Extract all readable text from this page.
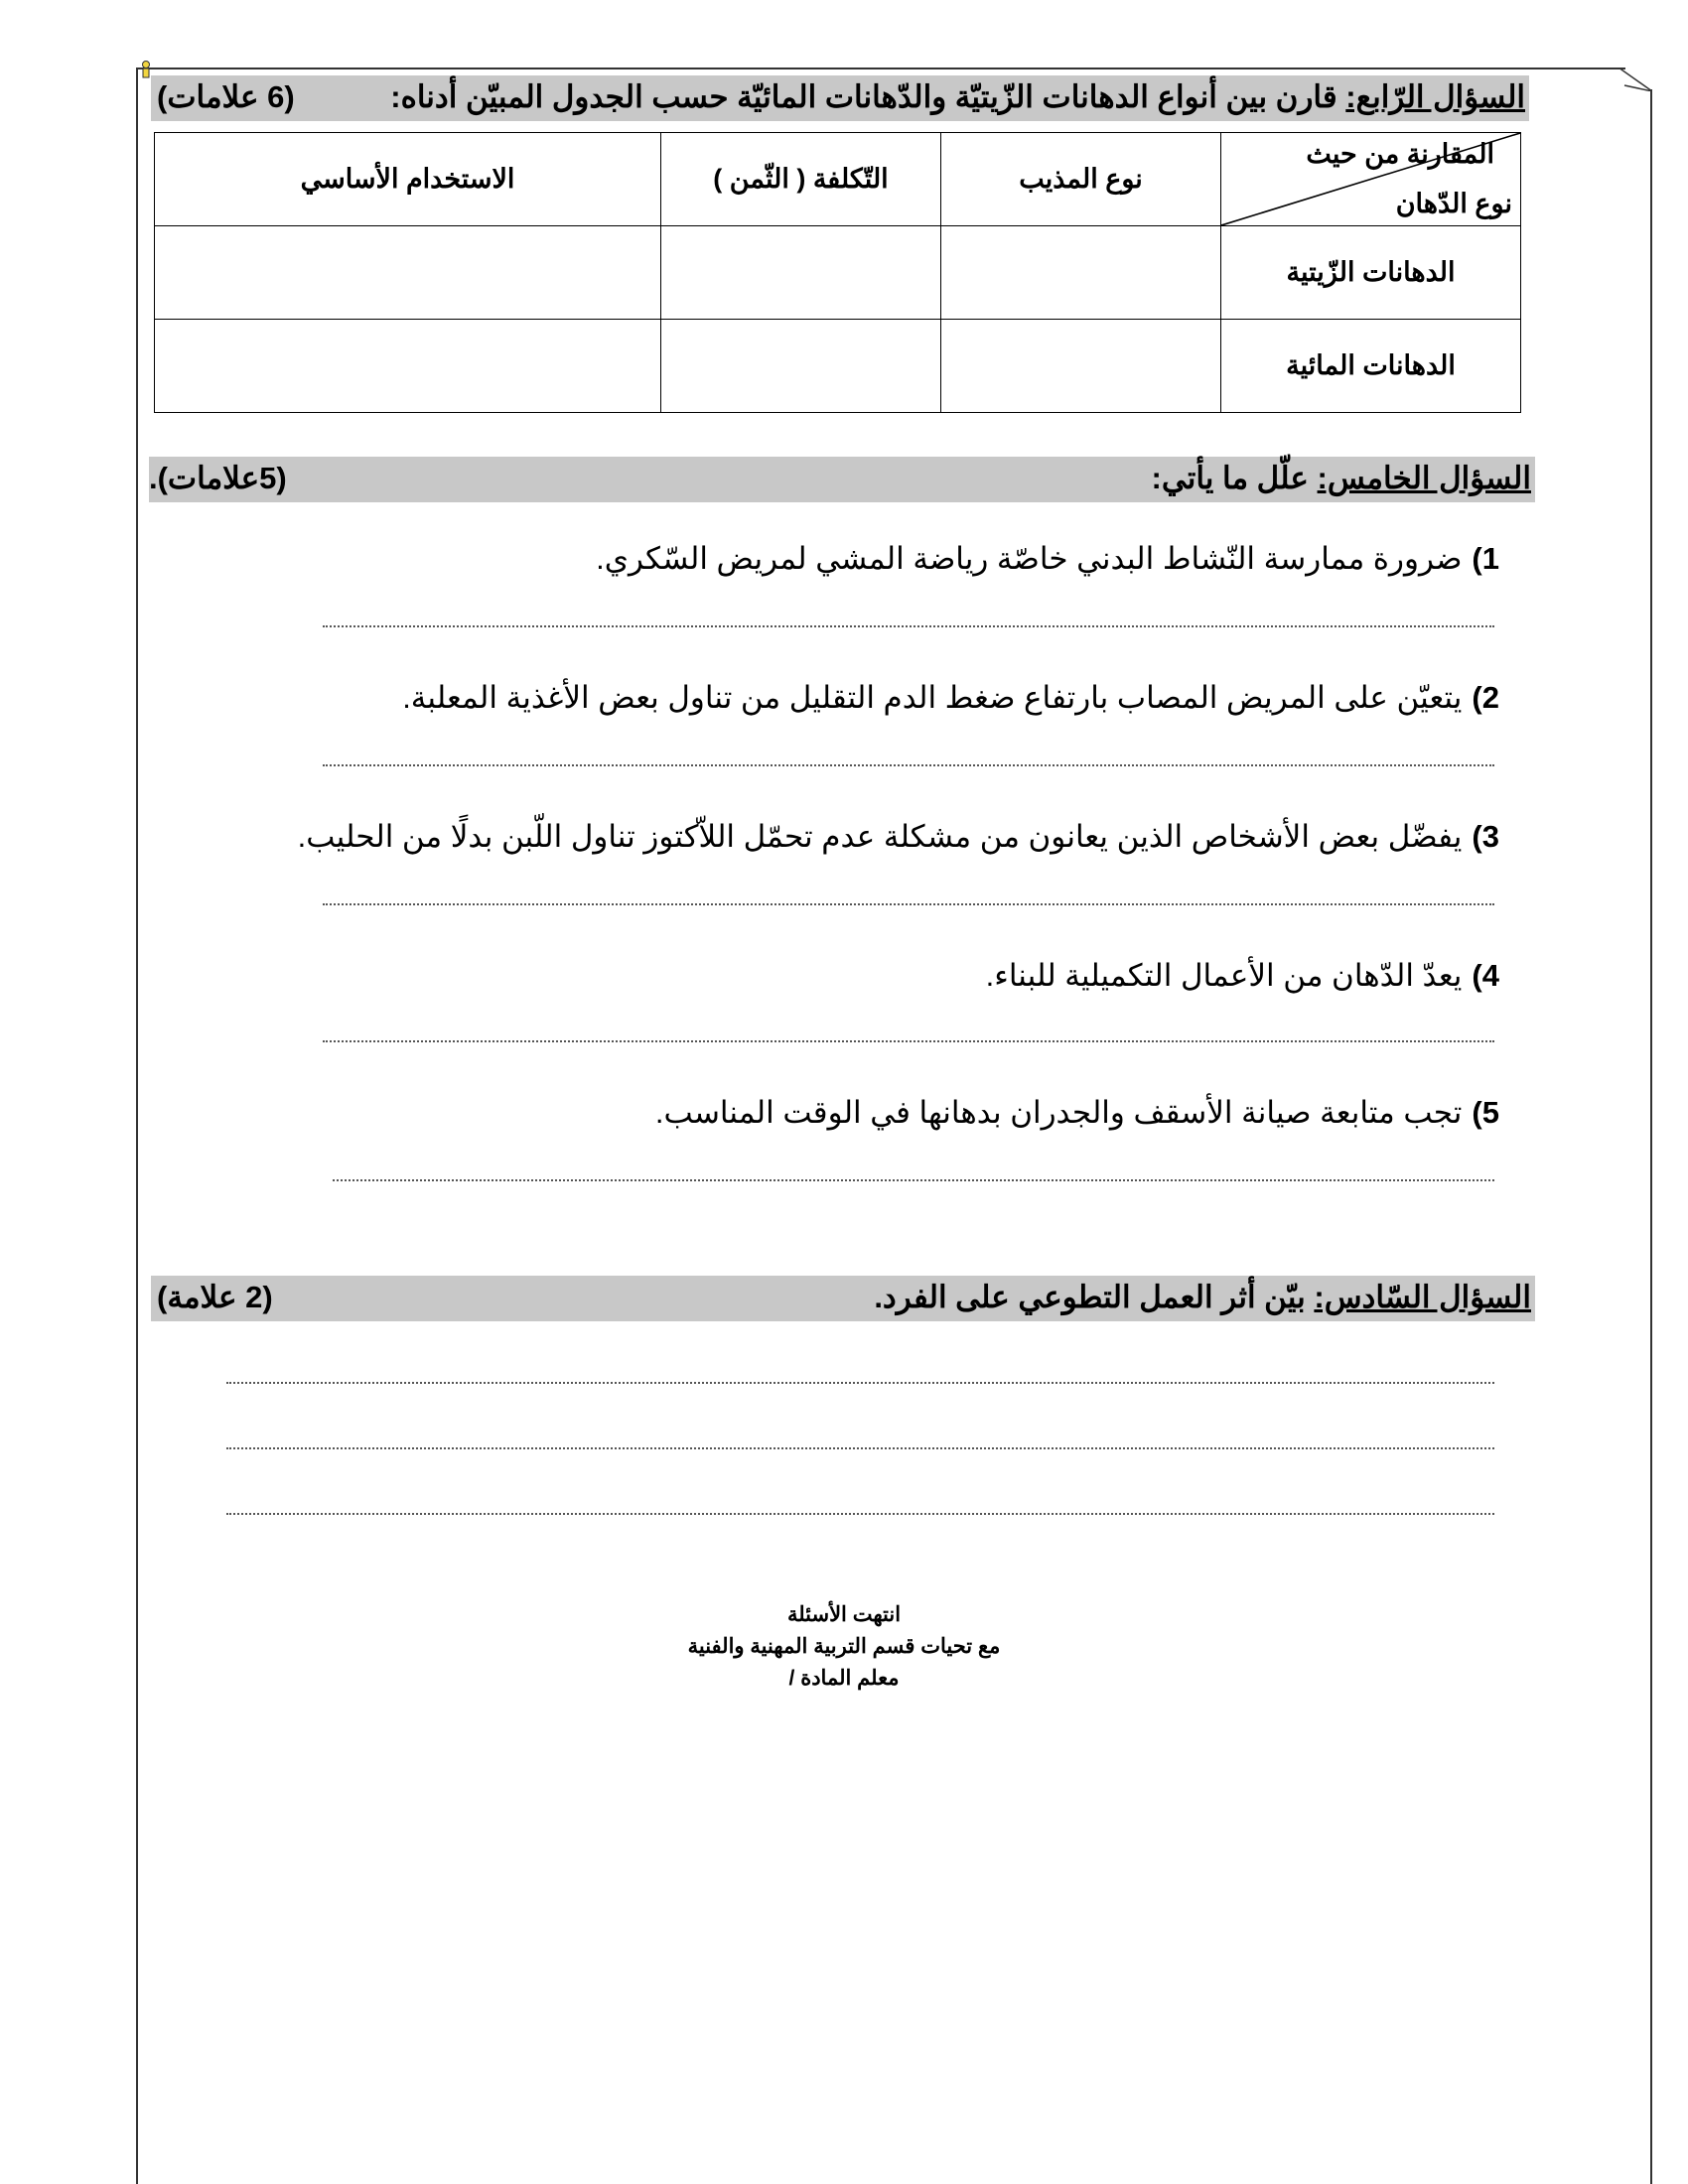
السؤال الرّابع: قارن بين أنواع الدهانات الزّيتيّة والدّهانات المائيّة حسب الجدول المبيّن أدناه:
(6 علامات)
المقارنة من حيث
نوع الدّهان	نوع المذيب	التّكلفة ( الثّمن )	الاستخدام الأساسي
الدهانات الزّيتية			
الدهانات المائية			
السؤال الخامس: علّل ما يأتي:
(5علامات).
1)ضرورة ممارسة النّشاط البدني خاصّة رياضة المشي لمريض السّكري.
2)يتعيّن على المريض المصاب بارتفاع ضغط الدم التقليل من تناول بعض الأغذية المعلبة.
3)يفضّل بعض الأشخاص الذين يعانون من مشكلة عدم تحمّل اللاّكتوز تناول اللّبن بدلًا من الحليب.
4)يعدّ الدّهان من الأعمال التكميلية للبناء.
5)تجب متابعة صيانة الأسقف والجدران بدهانها في الوقت المناسب.
السؤال السّادس: بيّن أثر العمل التطوعي على الفرد.
(2 علامة)
انتهت الأسئلة
مع تحيات قسم التربية المهنية والفنية
معلم المادة /
